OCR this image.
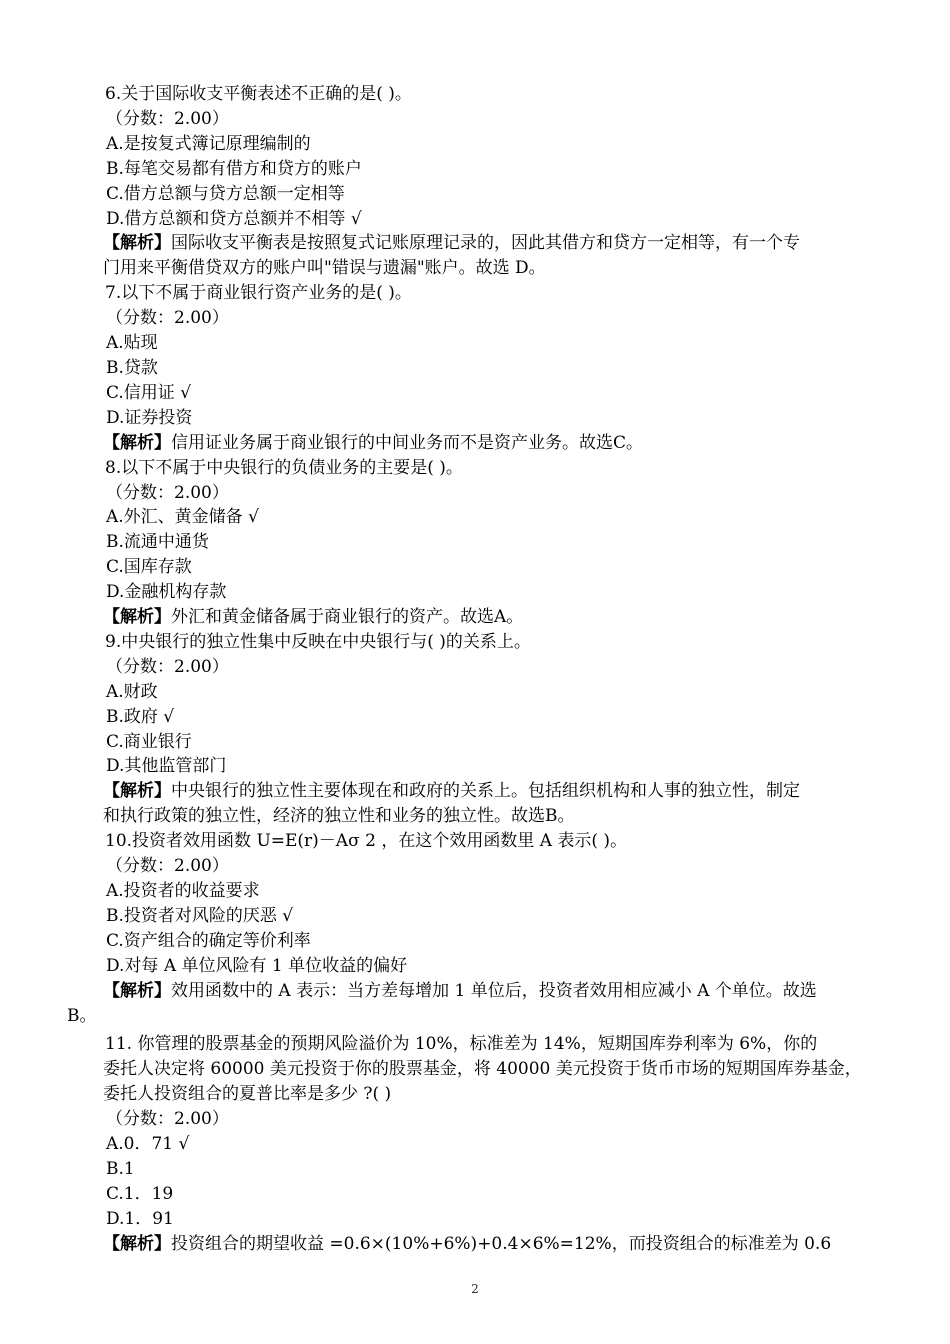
6.关于国际收支平衡表述不正确的是( )。
（分数：2.00）
A.是按复式簿记原理编制的
B.每笔交易都有借方和贷方的账户
C.借方总额与贷方总额一定相等
D.借方总额和贷方总额并不相等 √
【解析】国际收支平衡表是按照复式记账原理记录的，因此其借方和贷方一定相等，有一个专
门用来平衡借贷双方的账户叫"错误与遗漏"账户。故选 D。
7.以下不属于商业银行资产业务的是( )。
（分数：2.00）
A.贴现
B.贷款
C.信用证 √
D.证券投资
【解析】信用证业务属于商业银行的中间业务而不是资产业务。故选C。
8.以下不属于中央银行的负债业务的主要是( )。
（分数：2.00）
A.外汇、黄金储备 √
B.流通中通货
C.国库存款
D.金融机构存款
【解析】外汇和黄金储备属于商业银行的资产。故选A。
9.中央银行的独立性集中反映在中央银行与( )的关系上。
（分数：2.00）
A.财政
B.政府 √
C.商业银行
D.其他监管部门
【解析】中央银行的独立性主要体现在和政府的关系上。包括组织机构和人事的独立性，制定
和执行政策的独立性，经济的独立性和业务的独立性。故选B。
10.投资者效用函数 U=E(r)－Aσ 2 ，在这个效用函数里 A 表示( )。
（分数：2.00）
A.投资者的收益要求
B.投资者对风险的厌恶 √
C.资产组合的确定等价利率
D.对每 A 单位风险有 1 单位收益的偏好
【解析】效用函数中的 A 表示：当方差每增加 1 单位后，投资者效用相应减小 A 个单位。故选
B。
11. 你管理的股票基金的预期风险溢价为 10%，标准差为 14%，短期国库券利率为 6%，你的
委托人决定将 60000 美元投资于你的股票基金，将 40000 美元投资于货币市场的短期国库券基金，
委托人投资组合的夏普比率是多少 ?( )
（分数：2.00）
A.0．71 √
B.1
C.1．19
D.1．91
【解析】投资组合的期望收益 =0.6×(10%+6%)+0.4×6%=12%，而投资组合的标准差为 0.6
2
